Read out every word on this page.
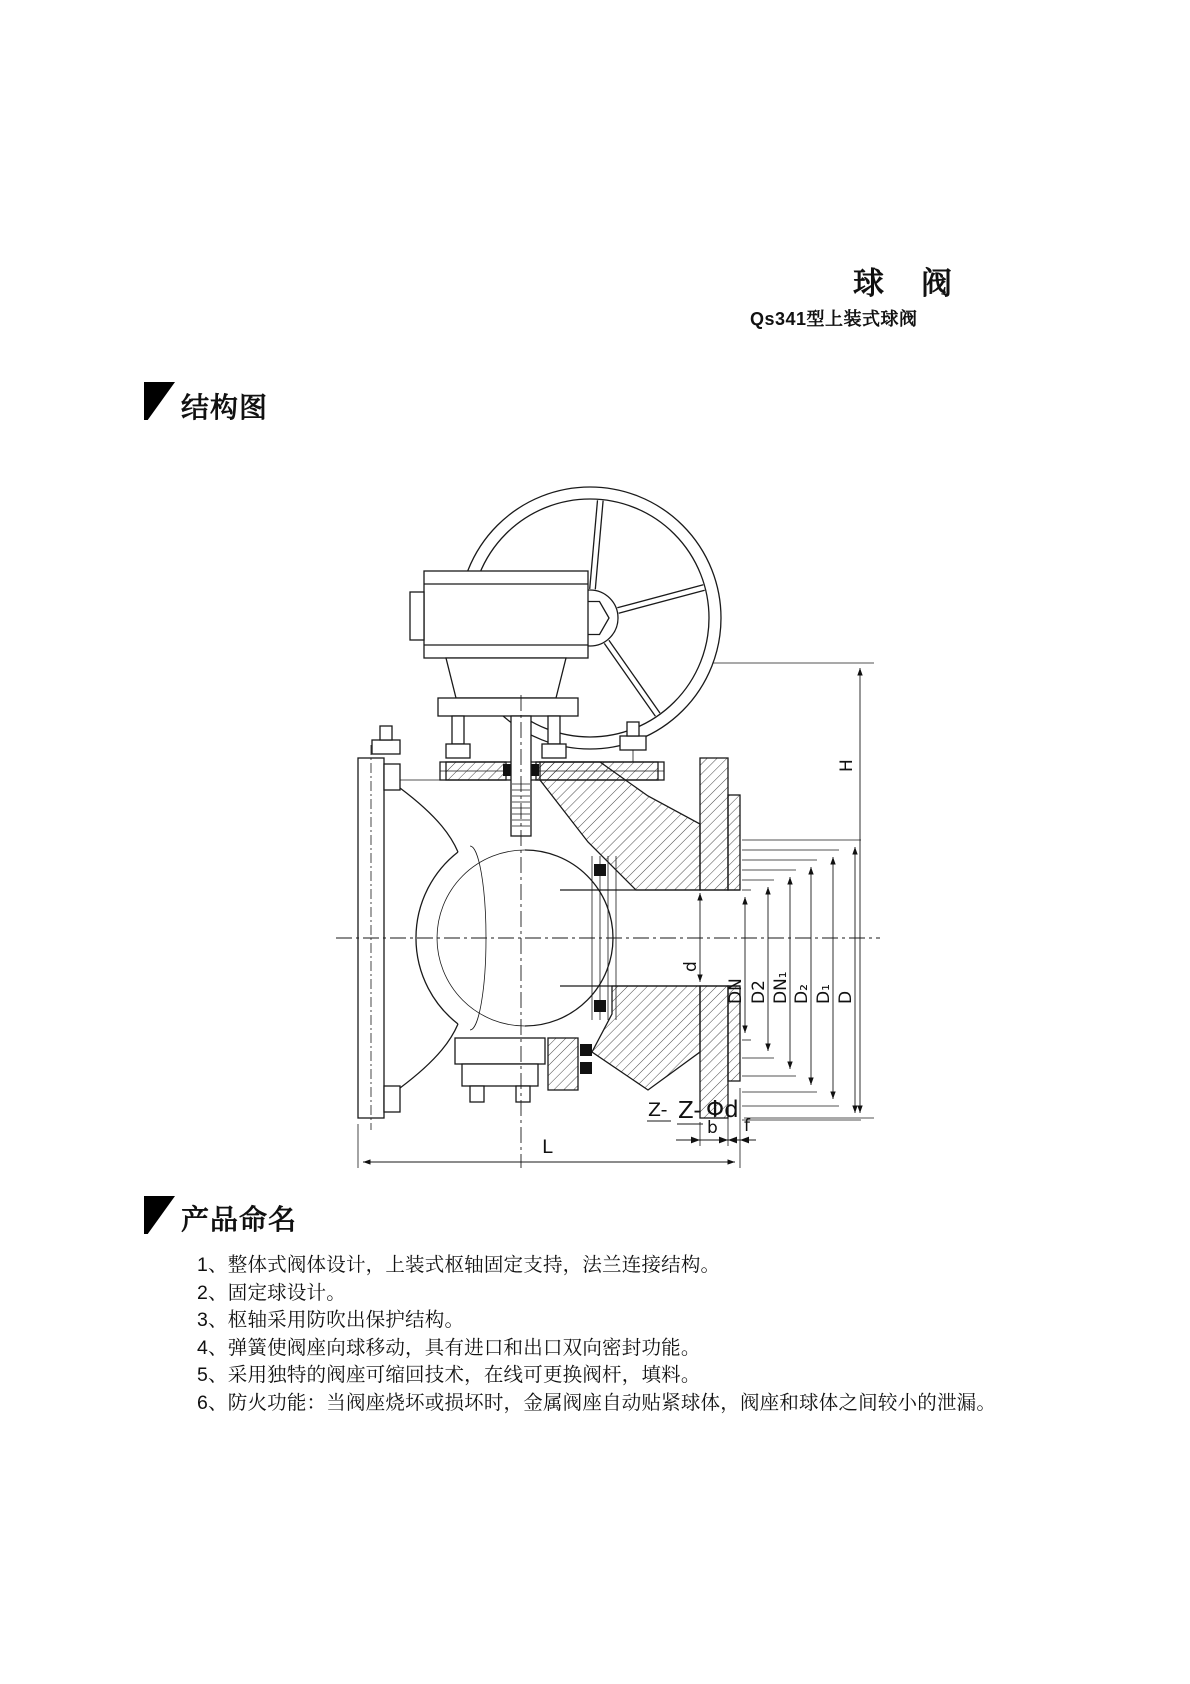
球　阀
Qs341型上装式球阀
结构图
H
DN D2 DN₁ D₂ D₁ D
d
L
b f
Z- Z- Φd
产品命名
1、整体式阀体设计，上装式枢轴固定支持，法兰连接结构。
2、固定球设计。
3、枢轴采用防吹出保护结构。
4、弹簧使阀座向球移动，具有进口和出口双向密封功能。
5、采用独特的阀座可缩回技术，在线可更换阀杆，填料。
6、防火功能：当阀座烧坏或损坏时，金属阀座自动贴紧球体，阀座和球体之间较小的泄漏。
